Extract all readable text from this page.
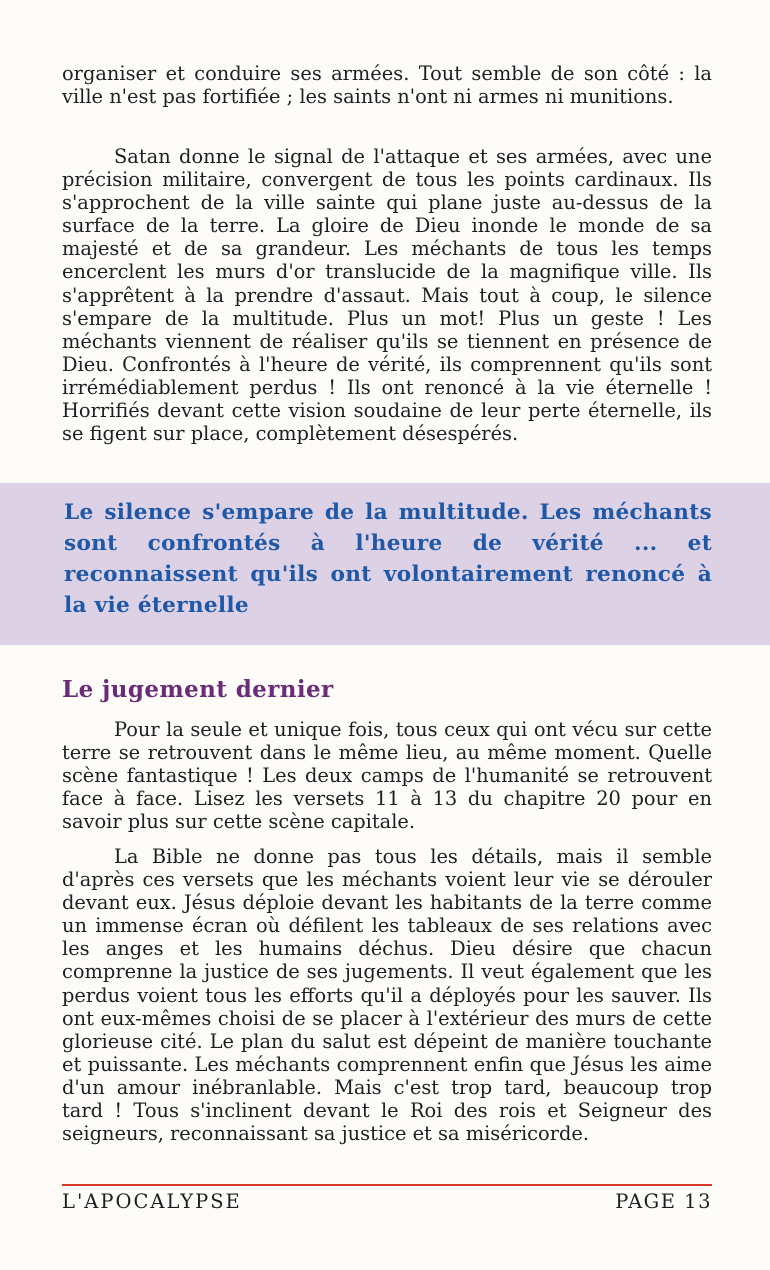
organiser et conduire ses armées. Tout semble de son côté : la ville n'est pas fortifiée ; les saints n'ont ni armes ni munitions.

Satan donne le signal de l'attaque et ses armées, avec une précision militaire, convergent de tous les points cardinaux. Ils s'approchent de la ville sainte qui plane juste au-dessus de la surface de la terre. La gloire de Dieu inonde le monde de sa majesté et de sa grandeur. Les méchants de tous les temps encerclent les murs d'or translucide de la magnifique ville. Ils s'apprêtent à la prendre d'assaut. Mais tout à coup, le silence s'empare de la multitude. Plus un mot! Plus un geste ! Les méchants viennent de réaliser qu'ils se tiennent en présence de Dieu. Confrontés à l'heure de vérité, ils comprennent qu'ils sont irrémédiablement perdus ! Ils ont renoncé à la vie éternelle ! Horrifiés devant cette vision soudaine de leur perte éternelle, ils se figent sur place, complètement désespérés.

Le silence s'empare de la multitude. Les méchants sont confrontés à l'heure de vérité ... et reconnaissent qu'ils ont volontairement renoncé à la vie éternelle

Le jugement dernier

Pour la seule et unique fois, tous ceux qui ont vécu sur cette terre se retrouvent dans le même lieu, au même moment. Quelle scène fantastique ! Les deux camps de l'humanité se retrouvent face à face. Lisez les versets 11 à 13 du chapitre 20 pour en savoir plus sur cette scène capitale.

La Bible ne donne pas tous les détails, mais il semble d'après ces versets que les méchants voient leur vie se dérouler devant eux. Jésus déploie devant les habitants de la terre comme un immense écran où défilent les tableaux de ses relations avec les anges et les humains déchus. Dieu désire que chacun comprenne la justice de ses jugements. Il veut également que les perdus voient tous les efforts qu'il a déployés pour les sauver. Ils ont eux-mêmes choisi de se placer à l'extérieur des murs de cette glorieuse cité. Le plan du salut est dépeint de manière touchante et puissante. Les méchants comprennent enfin que Jésus les aime d'un amour inébranlable. Mais c'est trop tard, beaucoup trop tard ! Tous s'inclinent devant le Roi des rois et Seigneur des seigneurs, reconnaissant sa justice et sa miséricorde.

L'APOCALYPSE	PAGE 13
